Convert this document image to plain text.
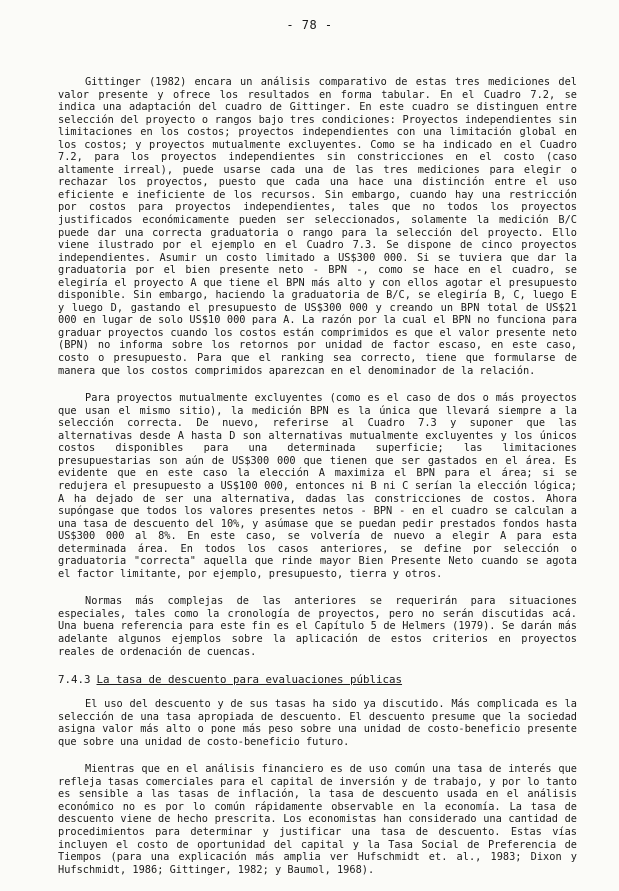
- 78 -

Gittinger (1982) encara un análisis comparativo de estas tres mediciones del valor presente y ofrece los resultados en forma tabular. En el Cuadro 7.2, se indica una adaptación del cuadro de Gittinger. En este cuadro se distinguen entre selección del proyecto o rangos bajo tres condiciones: Proyectos independientes sin limitaciones en los costos; proyectos independientes con una limitación global en los costos; y proyectos mutualmente excluyentes. Como se ha indicado en el Cuadro 7.2, para los proyectos independientes sin constricciones en el costo (caso altamente irreal), puede usarse cada una de las tres mediciones para elegir o rechazar los proyectos, puesto que cada una hace una distinción entre el uso eficiente e ineficiente de los recursos. Sin embargo, cuando hay una restricción por costos para proyectos independientes, tales que no todos los proyectos justificados económicamente pueden ser seleccionados, solamente la medición B/C puede dar una correcta graduatoria o rango para la selección del proyecto. Ello viene ilustrado por el ejemplo en el Cuadro 7.3. Se dispone de cinco proyectos independientes. Asumir un costo limitado a US$300 000. Si se tuviera que dar la graduatoria por el bien presente neto - BPN -, como se hace en el cuadro, se elegiría el proyecto A que tiene el BPN más alto y con ellos agotar el presupuesto disponible. Sin embargo, haciendo la graduatoria de B/C, se elegiría B, C, luego E y luego D, gastando el presupuesto de US$300 000 y creando un BPN total de US$21 000 en lugar de solo US$10 000 para A. La razón por la cual el BPN no funciona para graduar proyectos cuando los costos están comprimidos es que el valor presente neto (BPN) no informa sobre los retornos por unidad de factor escaso, en este caso, costo o presupuesto. Para que el ranking sea correcto, tiene que formularse de manera que los costos comprimidos aparezcan en el denominador de la relación.

Para proyectos mutualmente excluyentes (como es el caso de dos o más proyectos que usan el mismo sitio), la medición BPN es la única que llevará siempre a la selección correcta. De nuevo, referirse al Cuadro 7.3 y suponer que las alternativas desde A hasta D son alternativas mutualmente excluyentes y los únicos costos disponibles para una determinada superficie; las limitaciones presupuestarias son aún de US$300 000 que tienen que ser gastados en el área. Es evidente que en este caso la elección A maximiza el BPN para el área; si se redujera el presupuesto a US$100 000, entonces ni B ni C serían la elección lógica; A ha dejado de ser una alternativa, dadas las constricciones de costos. Ahora supóngase que todos los valores presentes netos - BPN - en el cuadro se calculan a una tasa de descuento del 10%, y asúmase que se puedan pedir prestados fondos hasta US$300 000 al 8%. En este caso, se volvería de nuevo a elegir A para esta determinada área. En todos los casos anteriores, se define por selección o graduatoria "correcta" aquella que rinde mayor Bien Presente Neto cuando se agota el factor limitante, por ejemplo, presupuesto, tierra y otros.

Normas más complejas de las anteriores se requerirán para situaciones especiales, tales como la cronología de proyectos, pero no serán discutidas acá. Una buena referencia para este fin es el Capítulo 5 de Helmers (1979). Se darán más adelante algunos ejemplos sobre la aplicación de estos criterios en proyectos reales de ordenación de cuencas.

7.4.3 La tasa de descuento para evaluaciones públicas

El uso del descuento y de sus tasas ha sido ya discutido. Más complicada es la selección de una tasa apropiada de descuento. El descuento presume que la sociedad asigna valor más alto o pone más peso sobre una unidad de costo-beneficio presente que sobre una unidad de costo-beneficio futuro.

Mientras que en el análisis financiero es de uso común una tasa de interés que refleja tasas comerciales para el capital de inversión y de trabajo, y por lo tanto es sensible a las tasas de inflación, la tasa de descuento usada en el análisis económico no es por lo común rápidamente observable en la economía. La tasa de descuento viene de hecho prescrita. Los economistas han considerado una cantidad de procedimientos para determinar y justificar una tasa de descuento. Estas vías incluyen el costo de oportunidad del capital y la Tasa Social de Preferencia de Tiempos (para una explicación más amplia ver Hufschmidt et. al., 1983; Dixon y Hufschmidt, 1986; Gittinger, 1982; y Baumol, 1968).
